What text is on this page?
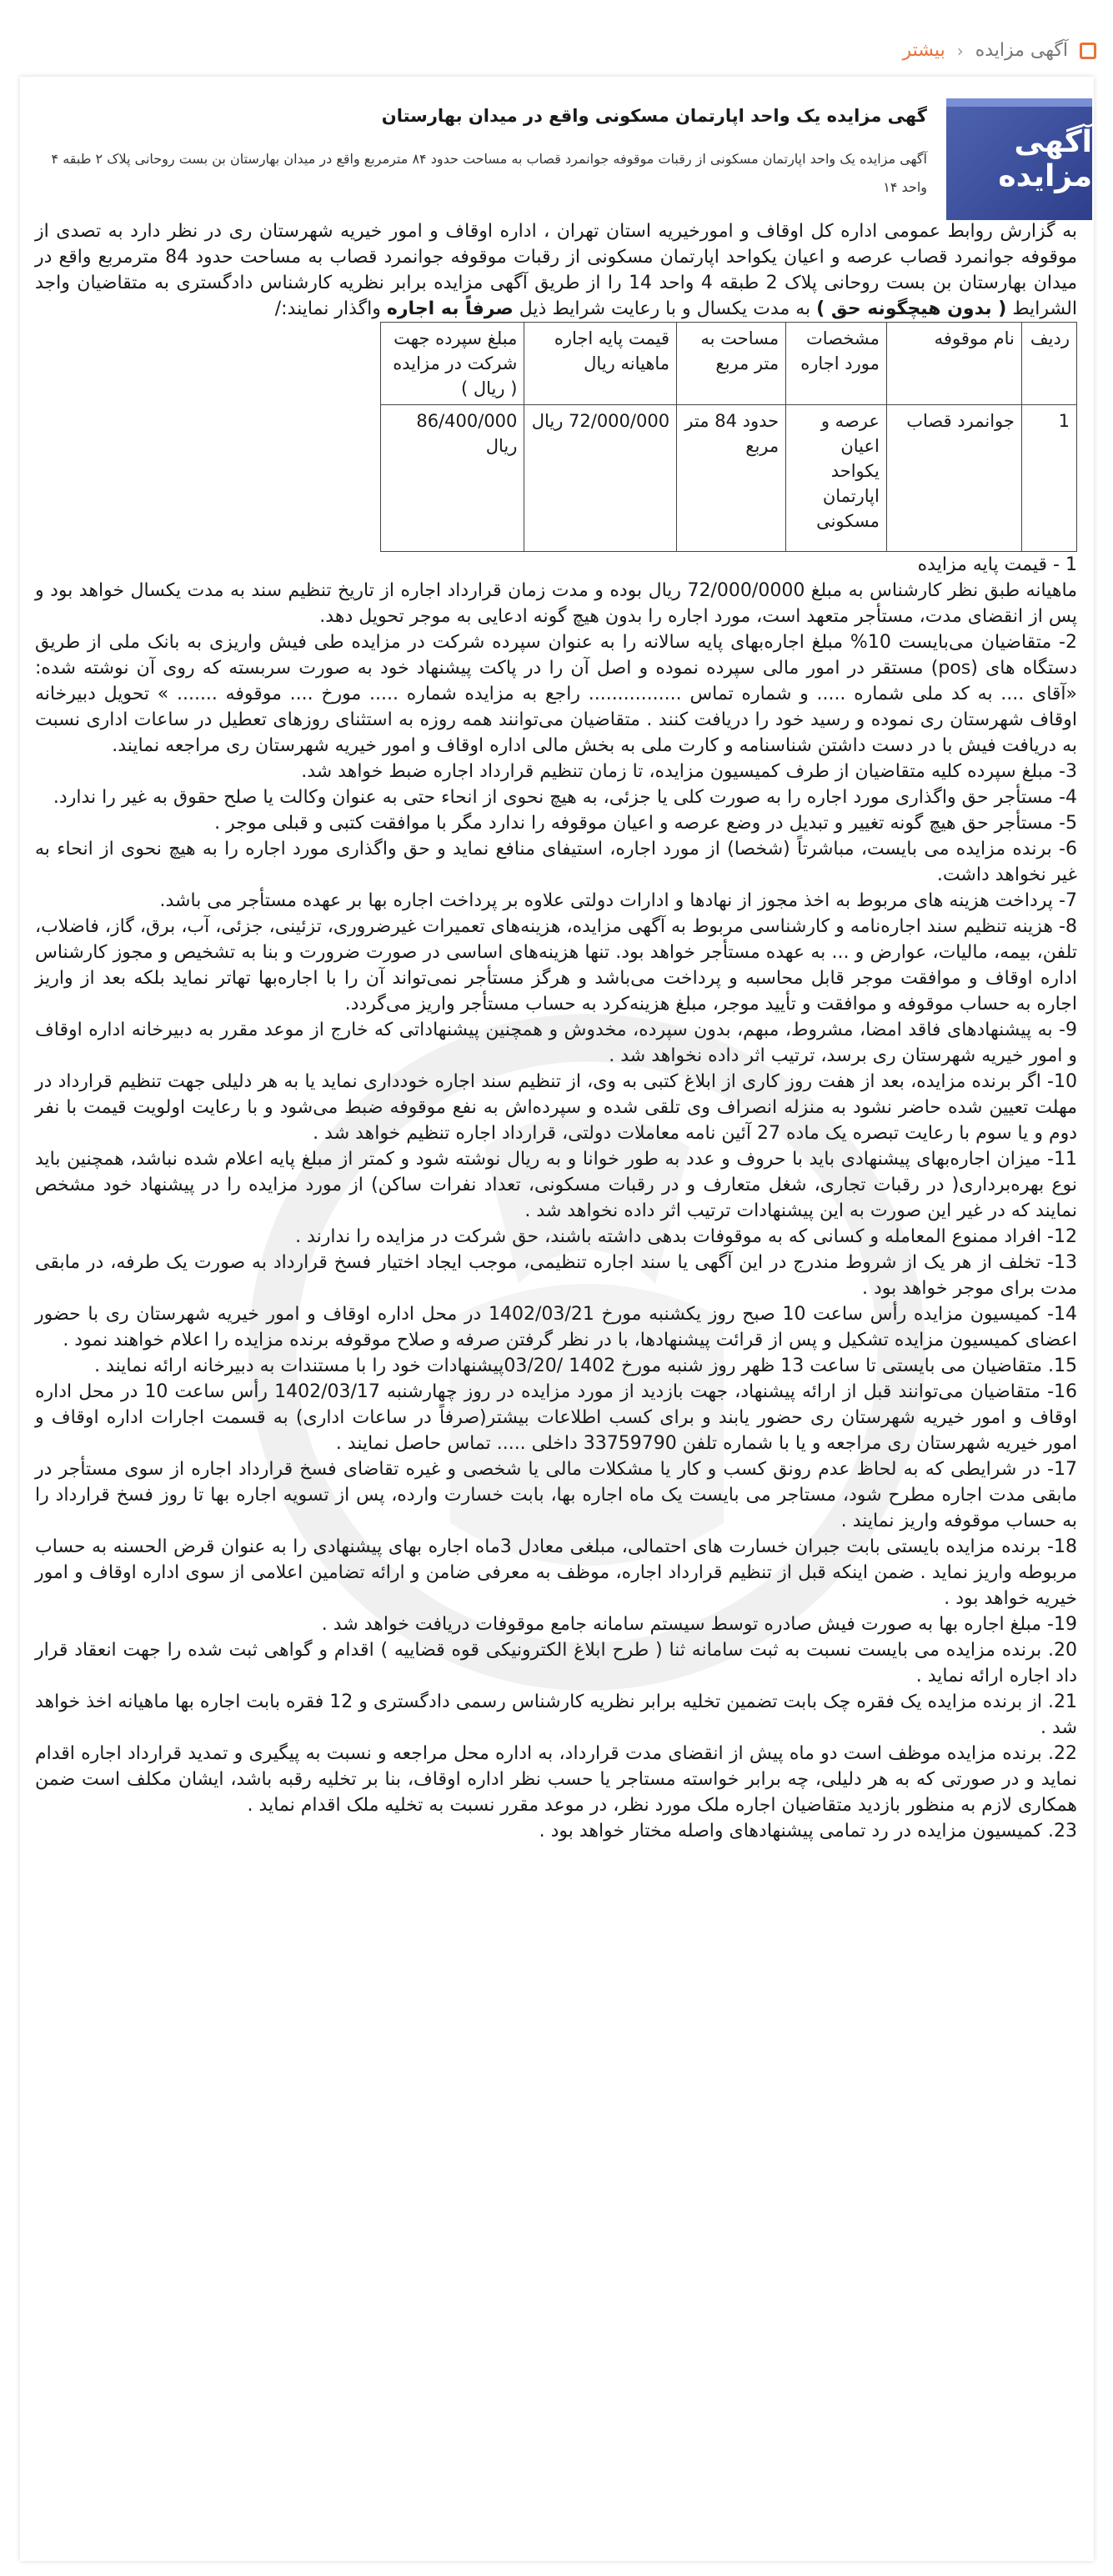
آگهی مزایده
‹
بیشتر
آگهی مزایده
گهی مزایده یک واحد اپارتمان مسکونی واقع در میدان بهارستان
آگهی مزایده یک واحد اپارتمان مسکونی از رقبات موقوفه جوانمرد قصاب به مساحت حدود ۸۴ مترمربع واقع در میدان بهارستان بن بست روحانی پلاک ۲ طبقه ۴ واحد ۱۴

به گزارش روابط عمومی اداره کل اوقاف و امورخیریه استان تهران ، اداره اوقاف و امور خیریه شهرستان ری در نظر دارد به تصدی از موقوفه جوانمرد قصاب عرصه و اعیان یکواحد اپارتمان مسکونی از رقبات موقوفه جوانمرد قصاب به مساحت حدود 84 مترمربع واقع در میدان بهارستان بن بست روحانی پلاک 2 طبقه 4 واحد 14 را از طریق آگهی مزایده برابر نظریه کارشناس دادگستری به متقاضیان واجد الشرایط ( بدون هیچگونه حق ) به مدت یکسال و با رعایت شرایط ذیل صرفاً به اجاره واگذار نمایند:/

ردیف	نام موقوفه	مشخصات مورد اجاره	مساحت به متر مربع	قیمت پایه اجاره ماهیانه ریال	مبلغ سپرده جهت شرکت در مزایده ( ریال )
1	جوانمرد قصاب	عرصه و اعیان یکواحد اپارتمان مسکونی	حدود 84 متر مربع	72/000/000 ریال	86/400/000 ریال

1 - قیمت پایه مزایده

ماهیانه طبق نظر کارشناس به مبلغ 72/000/0000 ریال بوده و مدت زمان قرارداد اجاره از تاریخ تنظیم سند به مدت یکسال خواهد بود و پس از انقضای مدت، مستأجر متعهد است، مورد اجاره را بدون هیچ گونه ادعایی به موجر تحویل دهد.

2- متقاضیان می‌بایست 10% مبلغ اجاره‌بهای پایه سالانه را به عنوان سپرده شرکت در مزایده طی فیش واریزی به بانک ملی از طریق دستگاه های (pos) مستقر در امور مالی سپرده نموده و اصل آن را در پاکت پیشنهاد خود به صورت سربسته که روی آن نوشته شده: «آقای .... به کد ملی شماره ..... و شماره تماس ................ راجع به مزایده شماره ..... مورخ .... موقوفه ....... » تحویل دبیرخانه اوقاف شهرستان ری نموده و رسید خود را دریافت کنند . متقاضیان می‌توانند همه روزه به استثنای روزهای تعطیل در ساعات اداری نسبت به دریافت فیش با در دست داشتن شناسنامه و کارت ملی به بخش مالی اداره اوقاف و امور خیریه شهرستان ری مراجعه نمایند.

3- مبلغ سپرده کلیه متقاضیان از طرف کمیسیون مزایده، تا زمان تنظیم قرارداد اجاره ضبط خواهد شد.

4- مستأجر حق واگذاری مورد اجاره را به صورت کلی یا جزئی، به هیچ نحوی از انحاء حتی به عنوان وکالت یا صلح حقوق به غیر را ندارد.

5- مستأجر حق هیچ گونه تغییر و تبدیل در وضع عرصه و اعیان موقوفه را ندارد مگر با موافقت کتبی و قبلی موجر .

6- برنده مزایده می بایست، مباشرتاً (شخصا) از مورد اجاره، استیفای منافع نماید و حق واگذاری مورد اجاره را به هیچ نحوی از انحاء به غیر نخواهد داشت.

7- پرداخت هزینه های مربوط به اخذ مجوز از نهادها و ادارات دولتی علاوه بر پرداخت اجاره بها بر عهده مستأجر می باشد.

8- هزینه تنظیم سند اجاره‌نامه و کارشناسی مربوط به آگهی مزایده، هزینه‌های تعمیرات غیرضروری، تزئینی، جزئی، آب، برق، گاز، فاضلاب، تلفن، بیمه، مالیات، عوارض و ... به عهده مستأجر خواهد بود. تنها هزینه‌های اساسی در صورت ضرورت و بنا به تشخیص و مجوز کارشناس اداره اوقاف و موافقت موجر قابل محاسبه و پرداخت می‌باشد و هرگز مستأجر نمی‌تواند آن را با اجاره‌بها تهاتر نماید بلکه بعد از واریز اجاره به حساب موقوفه و موافقت و تأیید موجر، مبلغ هزینه‌کرد به حساب مستأجر واریز می‌گردد.

9- به پیشنهادهای فاقد امضا، مشروط، مبهم، بدون سپرده، مخدوش و همچنین پیشنهاداتی که خارج از موعد مقرر به دبیرخانه اداره اوقاف و امور خیریه شهرستان ری برسد، ترتیب اثر داده نخواهد شد .

10- اگر برنده مزایده، بعد از هفت روز کاری از ابلاغ کتبی به وی، از تنظیم سند اجاره خودداری نماید یا به هر دلیلی جهت تنظیم قرارداد در مهلت تعیین شده حاضر نشود به منزله انصراف وی تلقی شده و سپرده‌اش به نفع موقوفه ضبط می‌شود و با رعایت اولویت قیمت با نفر دوم و یا سوم با رعایت تبصره یک ماده 27 آئین نامه معاملات دولتی، قرارداد اجاره تنظیم خواهد شد .

11- میزان اجاره‌بهای پیشنهادی باید با حروف و عدد به طور خوانا و به ریال نوشته شود و کمتر از مبلغ پایه اعلام شده نباشد، همچنین باید نوع بهره‌برداری( در رقبات تجاری، شغل متعارف و در رقبات مسکونی، تعداد نفرات ساکن) از مورد مزایده را در پیشنهاد خود مشخص نمایند که در غیر این صورت به این پیشنهادات ترتیب اثر داده نخواهد شد .

12- افراد ممنوع المعامله و کسانی که به موقوفات بدهی داشته باشند، حق شرکت در مزایده را ندارند .

13- تخلف از هر یک از شروط مندرج در این آگهی یا سند اجاره تنظیمی، موجب ایجاد اختیار فسخ قرارداد به صورت یک طرفه، در مابقی مدت برای موجر خواهد بود .

14- کمیسیون مزایده رأس ساعت 10 صبح روز یکشنبه مورخ 1402/03/21 در محل اداره اوقاف و امور خیریه شهرستان ری با حضور اعضای کمیسیون مزایده تشکیل و پس از قرائت پیشنهادها، با در نظر گرفتن صرفه و صلاح موقوفه برنده مزایده را اعلام خواهند نمود .

15. متقاضیان می بایستی تا ساعت 13 ظهر روز شنبه مورخ 1402 /03/20پیشنهادات خود را با مستندات به دبیرخانه ارائه نمایند .

16- متقاضیان می‌توانند قبل از ارائه پیشنهاد، جهت بازدید از مورد مزایده در روز چهارشنبه 1402/03/17 رأس ساعت 10 در محل اداره اوقاف و امور خیریه شهرستان ری حضور یابند و برای کسب اطلاعات بیشتر(صرفاً در ساعات اداری) به قسمت اجارات اداره اوقاف و امور خیریه شهرستان ری مراجعه و یا با شماره تلفن 33759790 داخلی ..... تماس حاصل نمایند .

17- در شرایطی که به لحاظ عدم رونق کسب و کار یا مشکلات مالی یا شخصی و غیره تقاضای فسخ قرارداد اجاره از سوی مستأجر در مابقی مدت اجاره مطرح شود، مستاجر می بایست یک ماه اجاره بها، بابت خسارت وارده، پس از تسویه اجاره بها تا روز فسخ قرارداد را به حساب موقوفه واریز نمایند .

18- برنده مزایده بایستی بابت جبران خسارت های احتمالی، مبلغی معادل 3ماه اجاره بهای پیشنهادی را به عنوان قرض الحسنه به حساب مربوطه واریز نماید . ضمن اینکه قبل از تنظیم قرارداد اجاره، موظف به معرفی ضامن و ارائه تضامین اعلامی از سوی اداره اوقاف و امور خیریه خواهد بود .

19- مبلغ اجاره بها به صورت فیش صادره توسط سیستم سامانه جامع موقوفات دریافت خواهد شد .

20. برنده مزایده می بایست نسبت به ثبت سامانه ثنا ( طرح ابلاغ الکترونیکی قوه قضاییه ) اقدام و گواهی ثبت شده را جهت انعقاد قرار داد اجاره ارائه نماید .

21. از برنده مزایده یک فقره چک بابت تضمین تخلیه برابر نظریه کارشناس رسمی دادگستری و 12 فقره بابت اجاره بها ماهیانه اخذ خواهد شد .

22. برنده مزایده موظف است دو ماه پیش از انقضای مدت قرارداد، به اداره محل مراجعه و نسبت به پیگیری و تمدید قرارداد اجاره اقدام نماید و در صورتی که به هر دلیلی، چه برابر خواسته مستاجر یا حسب نظر اداره اوقاف، بنا بر تخلیه رقبه باشد، ایشان مکلف است ضمن همکاری لازم به منظور بازدید متقاضیان اجاره ملک مورد نظر، در موعد مقرر نسبت به تخلیه ملک اقدام نماید .

23. کمیسیون مزایده در رد تمامی پیشنهادهای واصله مختار خواهد بود .
